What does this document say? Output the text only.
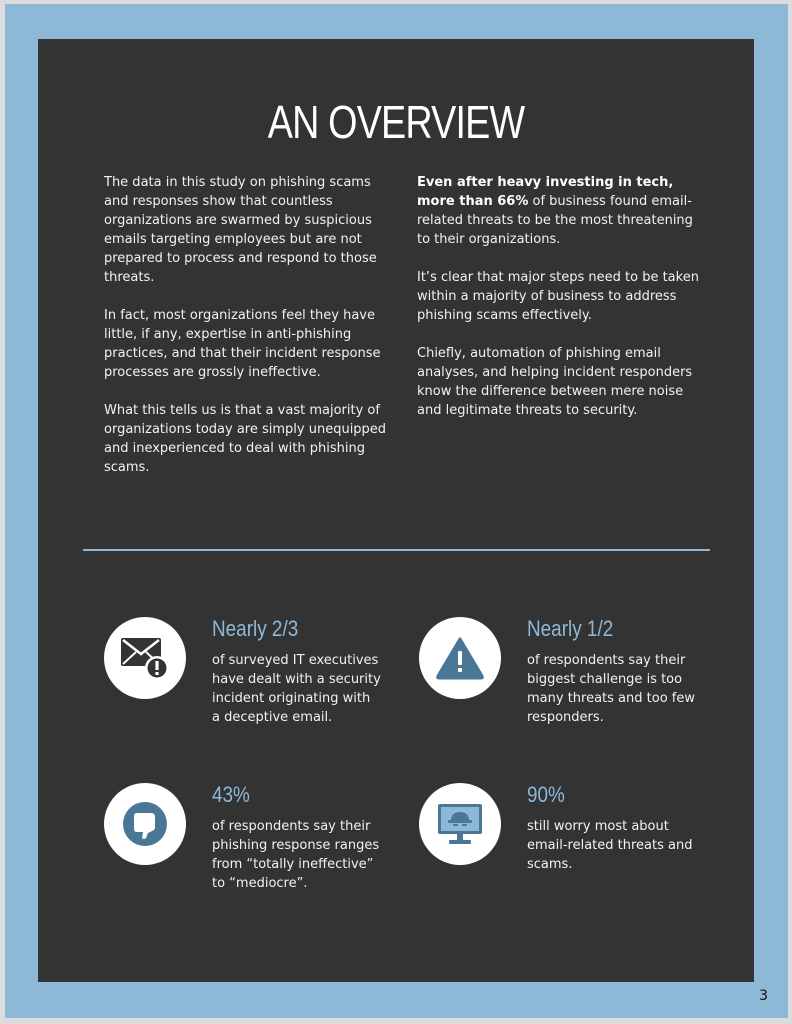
AN OVERVIEW

The data in this study on phishing scams and responses show that countless organizations are swarmed by suspicious emails targeting employees but are not prepared to process and respond to those threats.

In fact, most organizations feel they have little, if any, expertise in anti-phishing practices, and that their incident response processes are grossly ineffective.

What this tells us is that a vast majority of organizations today are simply unequipped and inexperienced to deal with phishing scams.

Even after heavy investing in tech, more than 66% of business found email-related threats to be the most threatening to their organizations.

It’s clear that major steps need to be taken within a majority of business to address phishing scams effectively.

Chiefly, automation of phishing email analyses, and helping incident responders know the difference between mere noise and legitimate threats to security.

Nearly 2/3
of surveyed IT executives have dealt with a security incident originating with a deceptive email.
Nearly 1/2
of respondents say their biggest challenge is too many threats and too few responders.
43%
of respondents say their phishing response ranges from “totally ineffective” to “mediocre”.
90%
still worry most about email-related threats and scams.
3
